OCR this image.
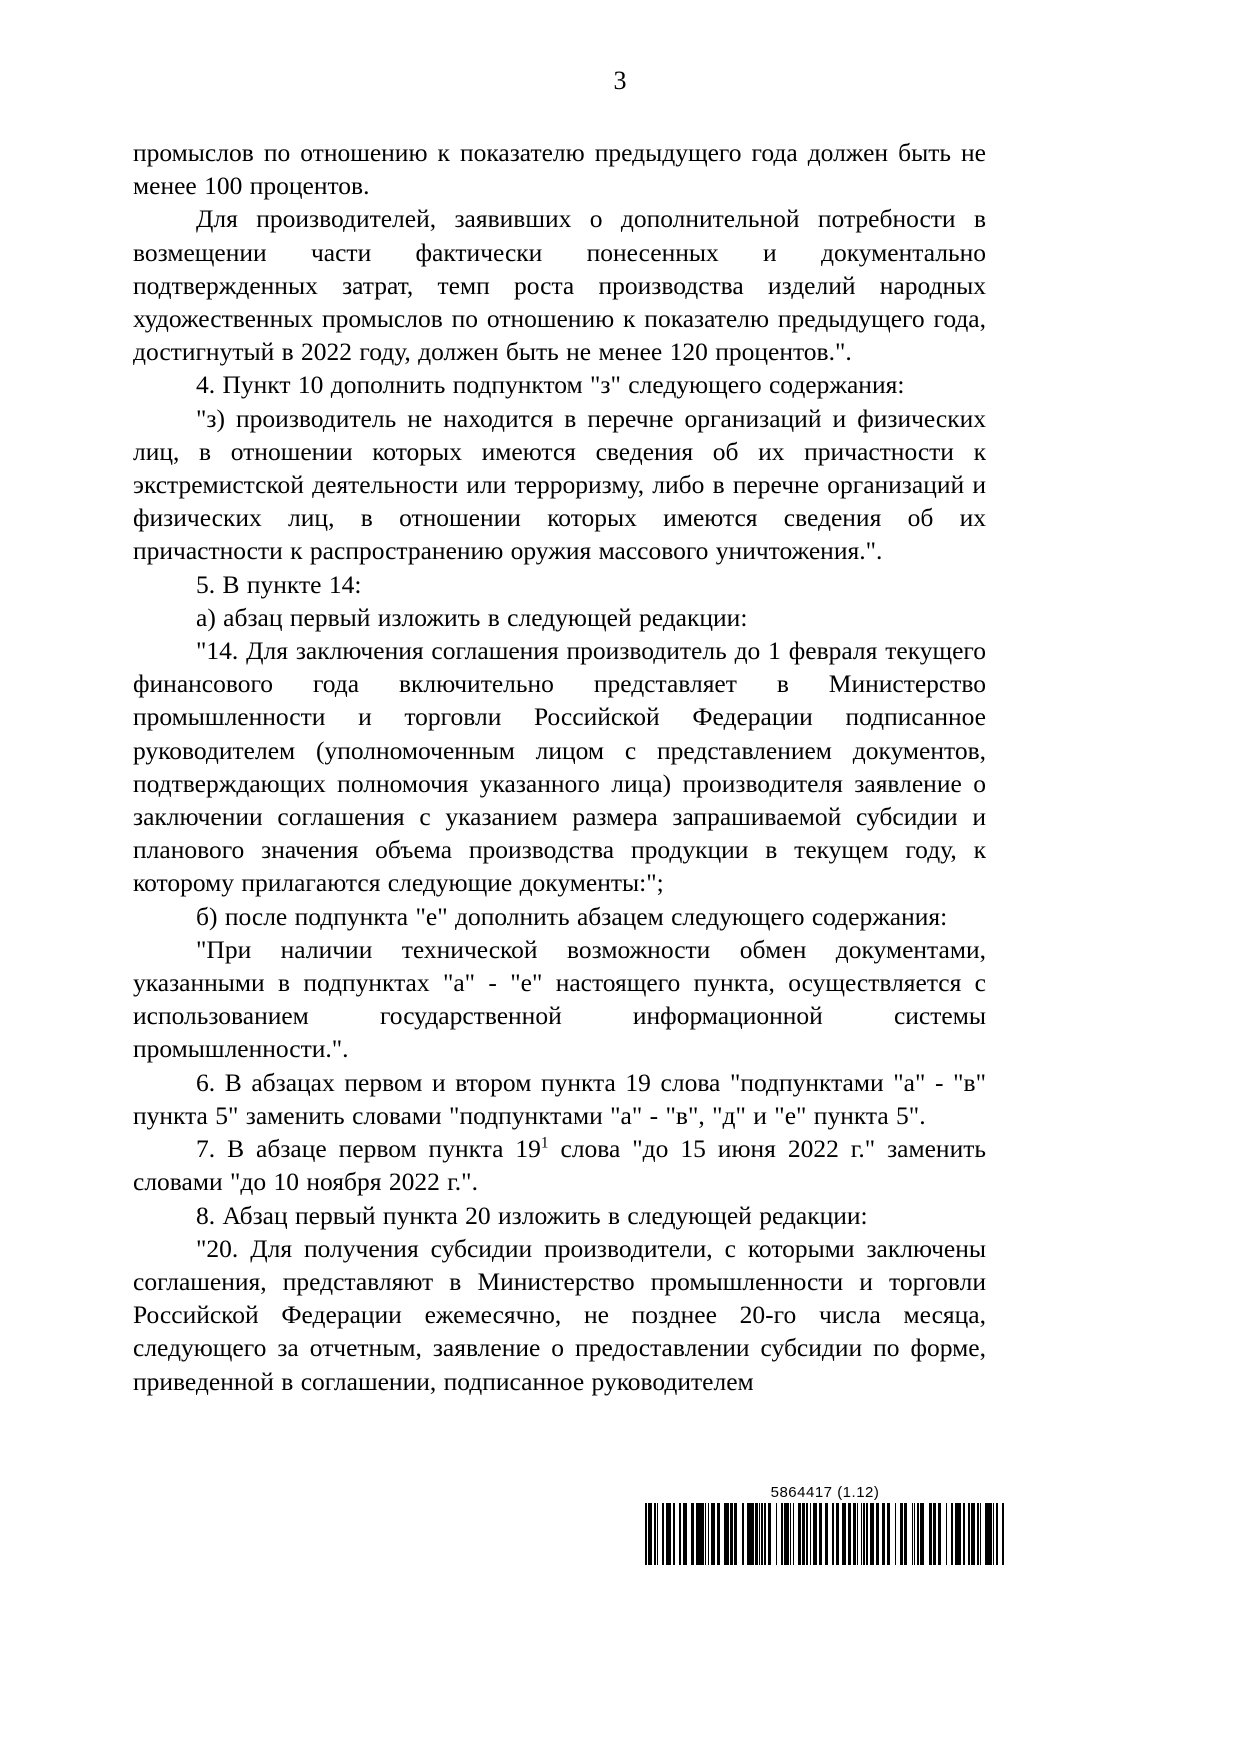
3

промыслов по отношению к показателю предыдущего года должен быть не менее 100 процентов.

Для производителей, заявивших о дополнительной потребности в возмещении части фактически понесенных и документально подтвержденных затрат, темп роста производства изделий народных художественных промыслов по отношению к показателю предыдущего года, достигнутый в 2022 году, должен быть не менее 120 процентов.".

4. Пункт 10 дополнить подпунктом "з" следующего содержания:

"з) производитель не находится в перечне организаций и физических лиц, в отношении которых имеются сведения об их причастности к экстремистской деятельности или терроризму, либо в перечне организаций и физических лиц, в отношении которых имеются сведения об их причастности к распространению оружия массового уничтожения.".

5. В пункте 14:

а) абзац первый изложить в следующей редакции:

"14. Для заключения соглашения производитель до 1 февраля текущего финансового года включительно представляет в Министерство промышленности и торговли Российской Федерации подписанное руководителем (уполномоченным лицом с представлением документов, подтверждающих полномочия указанного лица) производителя заявление о заключении соглашения с указанием размера запрашиваемой субсидии и планового значения объема производства продукции в текущем году, к которому прилагаются следующие документы:";

б) после подпункта "е" дополнить абзацем следующего содержания:

"При наличии технической возможности обмен документами, указанными в подпунктах "а" - "е" настоящего пункта, осуществляется с использованием государственной информационной системы промышленности.".

6. В абзацах первом и втором пункта 19 слова "подпунктами "а" - "в" пункта 5" заменить словами "подпунктами "а" - "в", "д" и "е" пункта 5".

7. В абзаце первом пункта 19$^1$ слова "до 15 июня 2022 г." заменить словами "до 10 ноября 2022 г.".

8. Абзац первый пункта 20 изложить в следующей редакции:

"20. Для получения субсидии производители, с которыми заключены соглашения, представляют в Министерство промышленности и торговли Российской Федерации ежемесячно, не позднее 20-го числа месяца, следующего за отчетным, заявление о предоставлении субсидии по форме, приведенной в соглашении, подписанное руководителем

5864417 (1.12)
